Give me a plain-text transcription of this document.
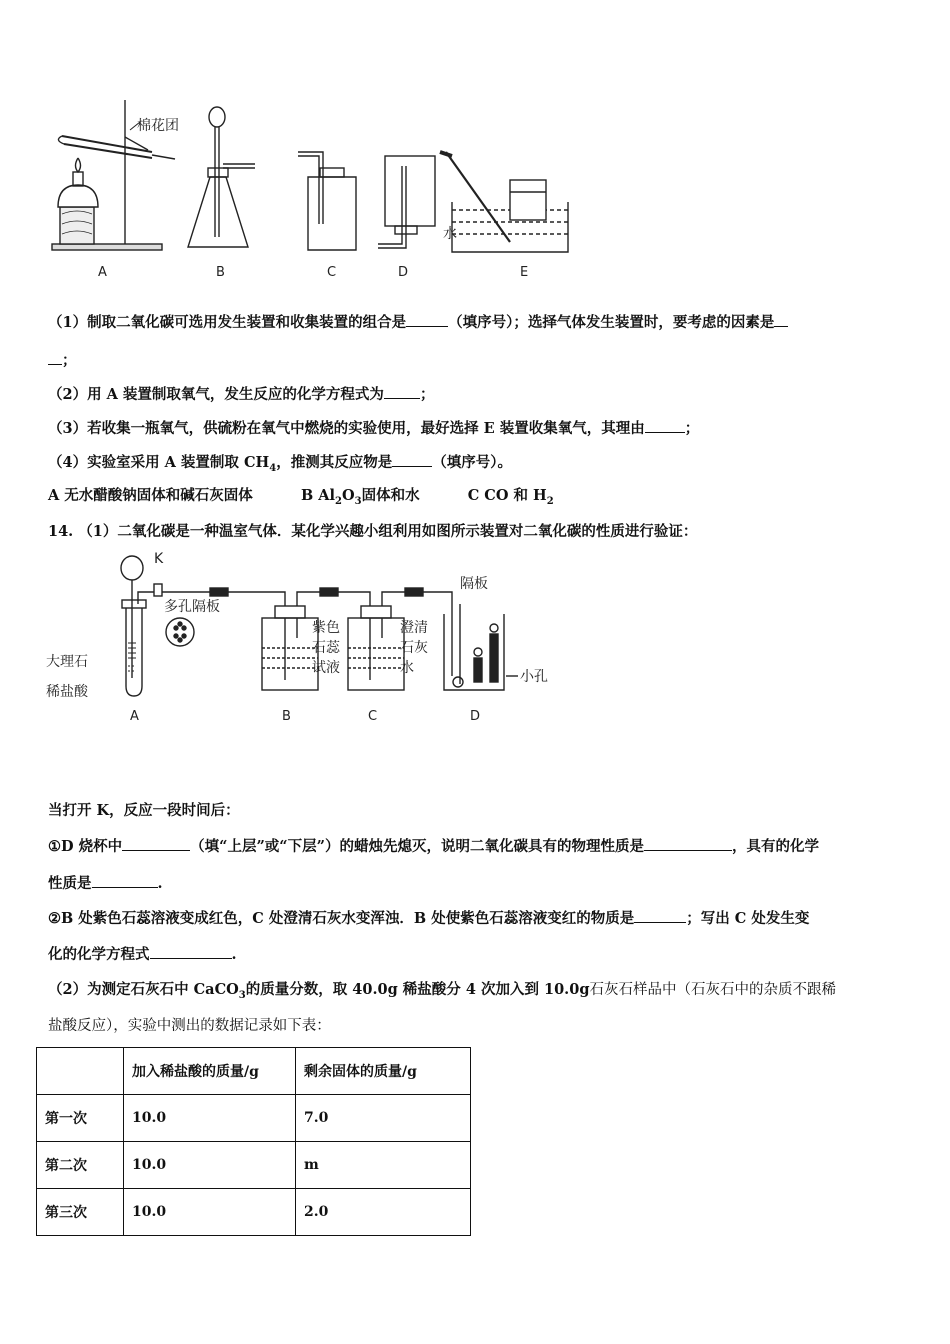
棉花团
水
A	B	C	D	E
（1）制取二氧化碳可选用发生装置和收集装置的组合是	（填序号）；选择气体发生装置时，要考虑的因素是
；
（2）用 A 装置制取氧气，发生反应的化学方程式为 ；
（3）若收集一瓶氧气，供硫粉在氧气中燃烧的实验使用，最好选择 E 装置收集氧气，其理由	；
（4）实验室采用 A 装置制取 $CH_4$，推测其反应物是	（填序号）。
A 无水醋酸钠固体和碱石灰固体	B $Al_2O_3$固体和水	C CO 和 $H_2$
14. （1）二氧化碳是一种温室气体．某化学兴趣小组利用如图所示装置对二氧化碳的性质进行验证：
K
多孔隔板
大理石
稀盐酸
紫色
石蕊
试液
澄清
石灰
水
隔板
小孔
A	B	C	D
当打开 K，反应一段时间后：
①D 烧杯中	（填“上层”或“下层”）的蜡烛先熄灭，说明二氧化碳具有的物理性质是	，具有的化学
性质是	.
②B 处紫色石蕊溶液变成红色，C 处澄清石灰水变浑浊．B 处使紫色石蕊溶液变红的物质是	；写出 C 处发生变
化的化学方程式	.
（2）为测定石灰石中 CaCO$_3$的质量分数，取 40.0g 稀盐酸分 4 次加入到 10.0g石灰石样品中（石灰石中的杂质不跟稀
盐酸反应），实验中测出的数据记录如下表：
	加入稀盐酸的质量/g	剩余固体的质量/g
第一次	10.0	7.0
第二次	10.0	m
第三次	10.0	2.0
